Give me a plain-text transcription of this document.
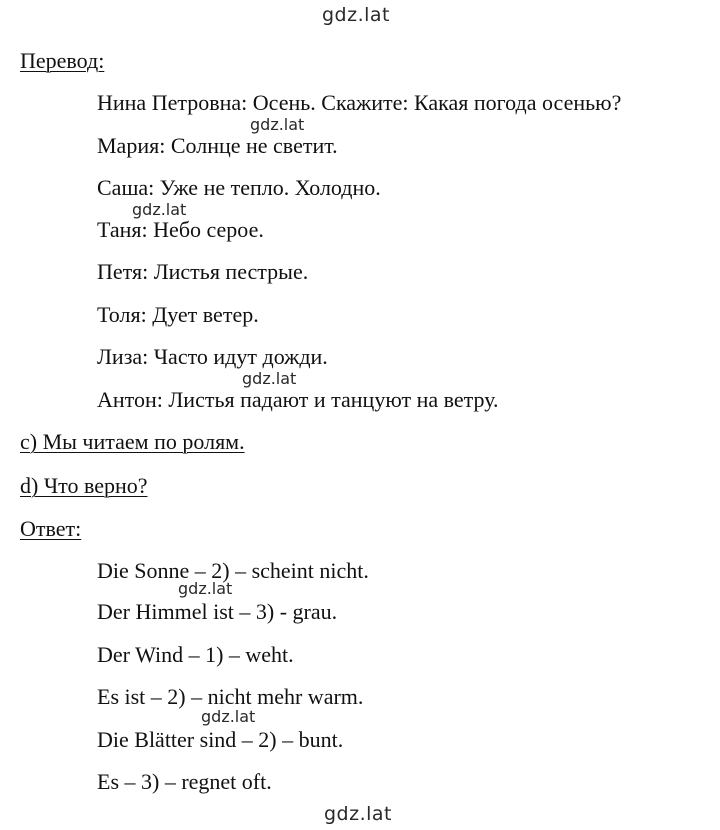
gdz.lat
gdz.lat
gdz.lat
gdz.lat
gdz.lat
gdz.lat
gdz.lat
Перевод:
Нина Петровна: Осень. Скажите: Какая погода осенью?
Мария: Солнце не светит.
Саша: Уже не тепло. Холодно.
Таня: Небо серое.
Петя: Листья пестрые.
Толя: Дует ветер.
Лиза: Часто идут дожди.
Антон: Листья падают и танцуют на ветру.
c) Мы читаем по ролям.
d) Что верно?
Ответ:
Die Sonne – 2) – scheint nicht.
Der Himmel ist – 3) - grau.
Der Wind – 1) – weht.
Es ist – 2) – nicht mehr warm.
Die Blätter sind – 2) – bunt.
Es – 3) – regnet oft.
